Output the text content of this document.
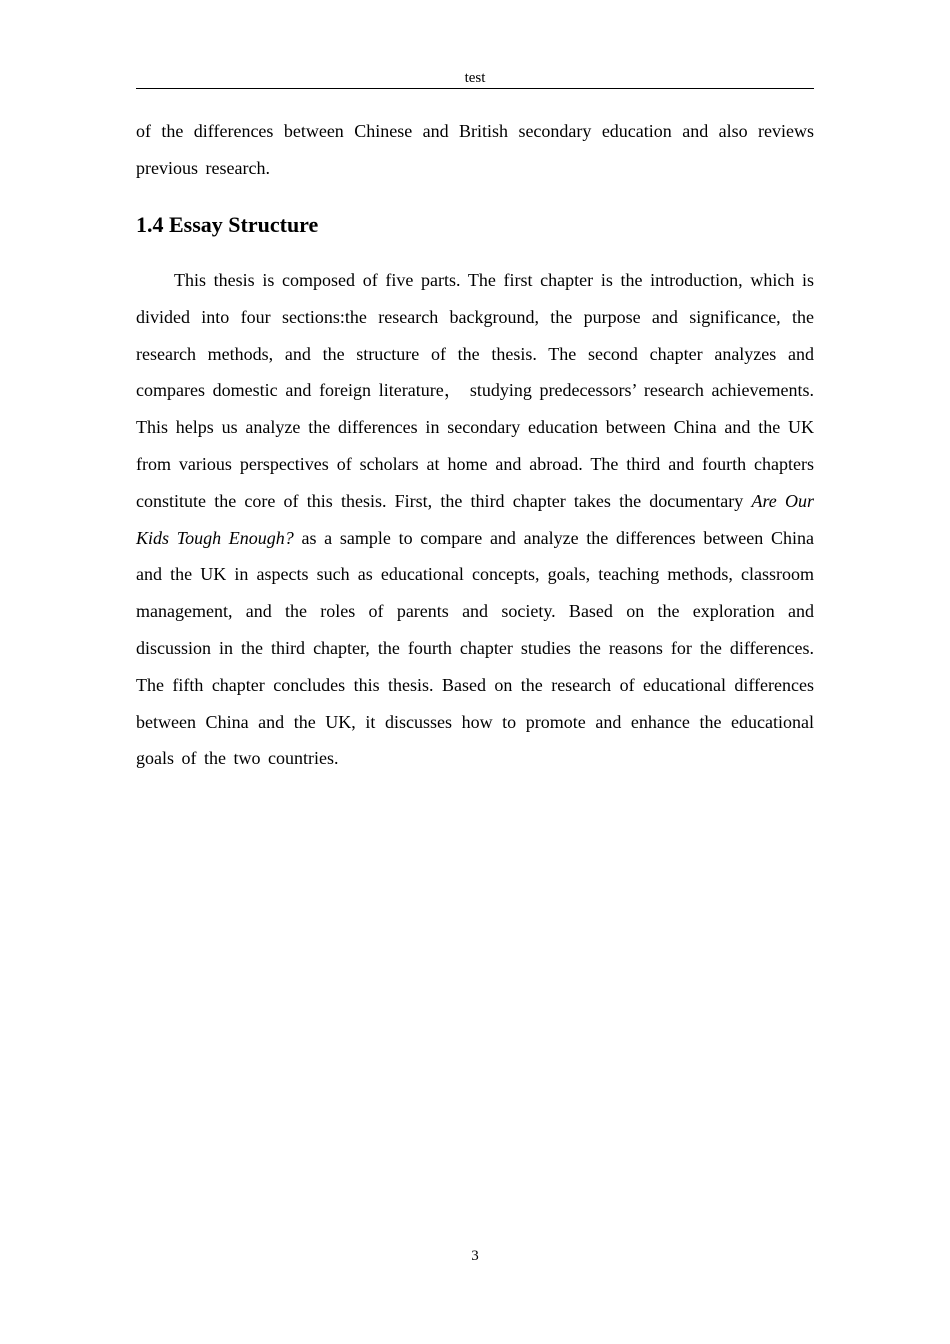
test

of the differences between Chinese and British secondary education and also reviews previous research.

1.4 Essay Structure

This thesis is composed of five parts. The first chapter is the introduction, which is divided into four sections:the research background, the purpose and significance, the research methods, and the structure of the thesis. The second chapter analyzes and compares domestic and foreign literature， studying predecessors’ research achievements. This helps us analyze the differences in secondary education between China and the UK from various perspectives of scholars at home and abroad. The third and fourth chapters constitute the core of this thesis. First, the third chapter takes the documentary Are Our Kids Tough Enough? as a sample to compare and analyze the differences between China and the UK in aspects such as educational concepts, goals, teaching methods, classroom management, and the roles of parents and society. Based on the exploration and discussion in the third chapter, the fourth chapter studies the reasons for the differences. The fifth chapter concludes this thesis. Based on the research of educational differences between China and the UK, it discusses how to promote and enhance the educational goals of the two countries.

3
